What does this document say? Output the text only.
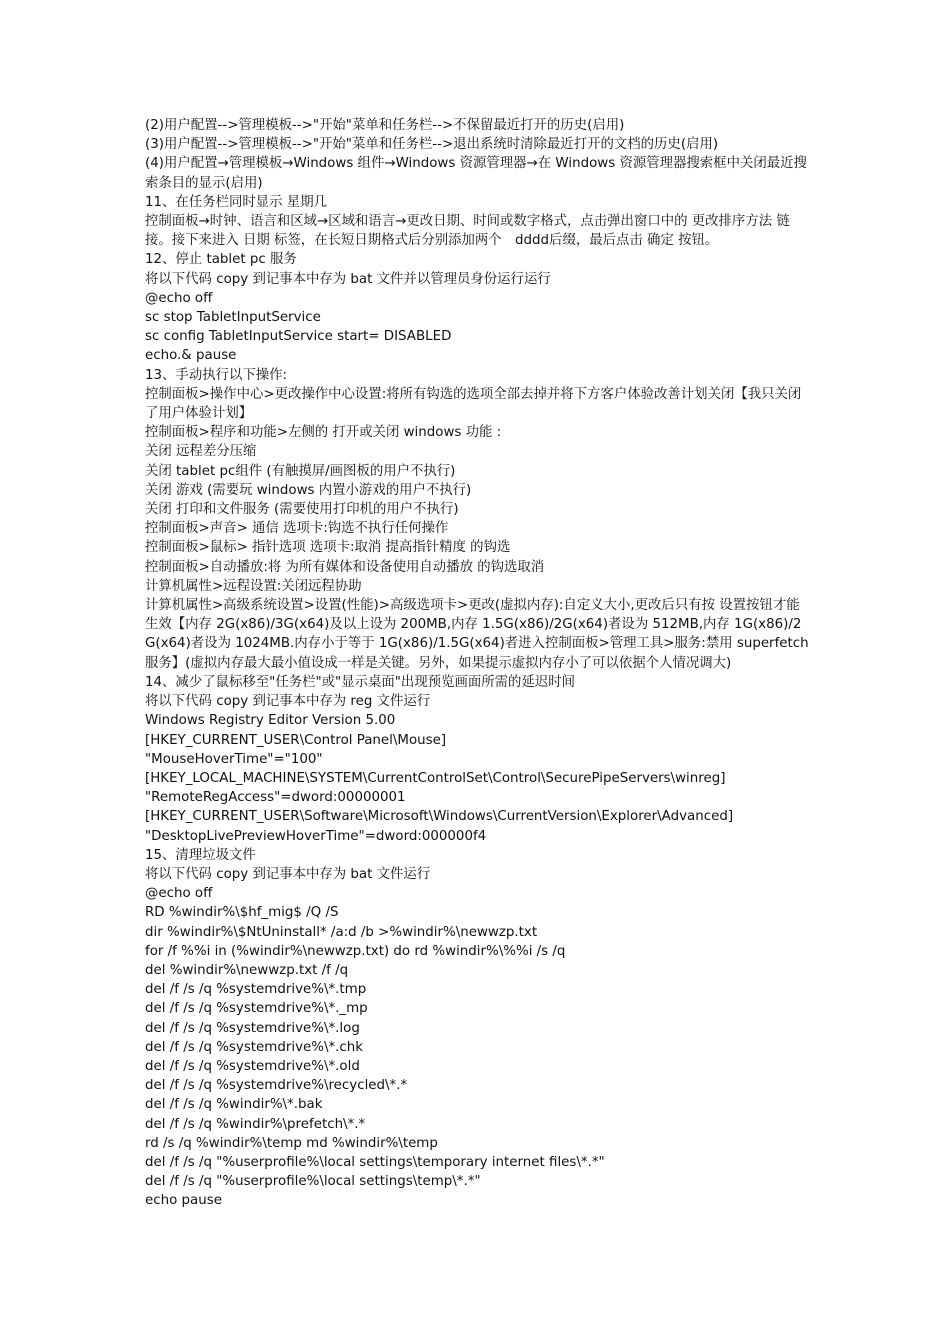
(2)用户配置-->管理模板-->"开始"菜单和任务栏-->不保留最近打开的历史(启用)

(3)用户配置-->管理模板-->"开始"菜单和任务栏-->退出系统时清除最近打开的文档的历史(启用)

(4)用户配置→管理模板→Windows 组件→Windows 资源管理器→在 Windows 资源管理器搜索框中关闭最近搜索条目的显示(启用)

11、在任务栏同时显示 星期几

控制面板→时钟、语言和区域→区域和语言→更改日期、时间或数字格式，点击弹出窗口中的 更改排序方法 链接。接下来进入 日期 标签，在长短日期格式后分别添加两个　dddd后缀，最后点击 确定 按钮。

12、停止 tablet pc 服务

将以下代码 copy 到记事本中存为 bat 文件并以管理员身份运行运行

@echo off

sc stop TabletInputService

sc config TabletInputService start= DISABLED

echo.& pause

13、手动执行以下操作:

控制面板>操作中心>更改操作中心设置:将所有钩选的选项全部去掉并将下方客户体验改善计划关闭【我只关闭了用户体验计划】

控制面板>程序和功能>左侧的 打开或关闭 windows 功能 :

关闭 远程差分压缩

关闭 tablet pc组件 (有触摸屏/画图板的用户不执行)

关闭 游戏 (需要玩 windows 内置小游戏的用户不执行)

关闭 打印和文件服务 (需要使用打印机的用户不执行)

控制面板>声音> 通信 选项卡:钩选不执行任何操作

控制面板>鼠标> 指针选项 选项卡:取消 提高指针精度 的钩选

控制面板>自动播放:将 为所有媒体和设备使用自动播放 的钩选取消

计算机属性>远程设置:关闭远程协助

计算机属性>高级系统设置>设置(性能)>高级选项卡>更改(虚拟内存):自定义大小,更改后只有按 设置按钮才能生效【内存 2G(x86)/3G(x64)及以上设为 200MB,内存 1.5G(x86)/2G(x64)者设为 512MB,内存 1G(x86)/2G(x64)者设为 1024MB.内存小于等于 1G(x86)/1.5G(x64)者进入控制面板>管理工具>服务:禁用 superfetch 服务】(虚拟内存最大最小值设成一样是关键。另外，如果提示虚拟内存小了可以依据个人情况调大)

14、减少了鼠标移至"任务栏"或"显示桌面"出现预览画面所需的延迟时间

将以下代码 copy 到记事本中存为 reg 文件运行

Windows Registry Editor Version 5.00

[HKEY_CURRENT_USER\Control Panel\Mouse]

"MouseHoverTime"="100"

[HKEY_LOCAL_MACHINE\SYSTEM\CurrentControlSet\Control\SecurePipeServers\winreg]

"RemoteRegAccess"=dword:00000001

[HKEY_CURRENT_USER\Software\Microsoft\Windows\CurrentVersion\Explorer\Advanced]

"DesktopLivePreviewHoverTime"=dword:000000f4

15、清理垃圾文件

将以下代码 copy 到记事本中存为 bat 文件运行

@echo off

RD %windir%\$hf_mig$ /Q /S

dir %windir%\$NtUninstall* /a:d /b >%windir%\newwzp.txt

for /f %%i in (%windir%\newwzp.txt) do rd %windir%\%%i /s /q

del %windir%\newwzp.txt /f /q

del /f /s /q %systemdrive%\*.tmp

del /f /s /q %systemdrive%\*._mp

del /f /s /q %systemdrive%\*.log

del /f /s /q %systemdrive%\*.chk

del /f /s /q %systemdrive%\*.old

del /f /s /q %systemdrive%\recycled\*.*

del /f /s /q %windir%\*.bak

del /f /s /q %windir%\prefetch\*.*

rd /s /q %windir%\temp md %windir%\temp

del /f /s /q "%userprofile%\local settings\temporary internet files\*.*"

del /f /s /q "%userprofile%\local settings\temp\*.*"

echo pause
